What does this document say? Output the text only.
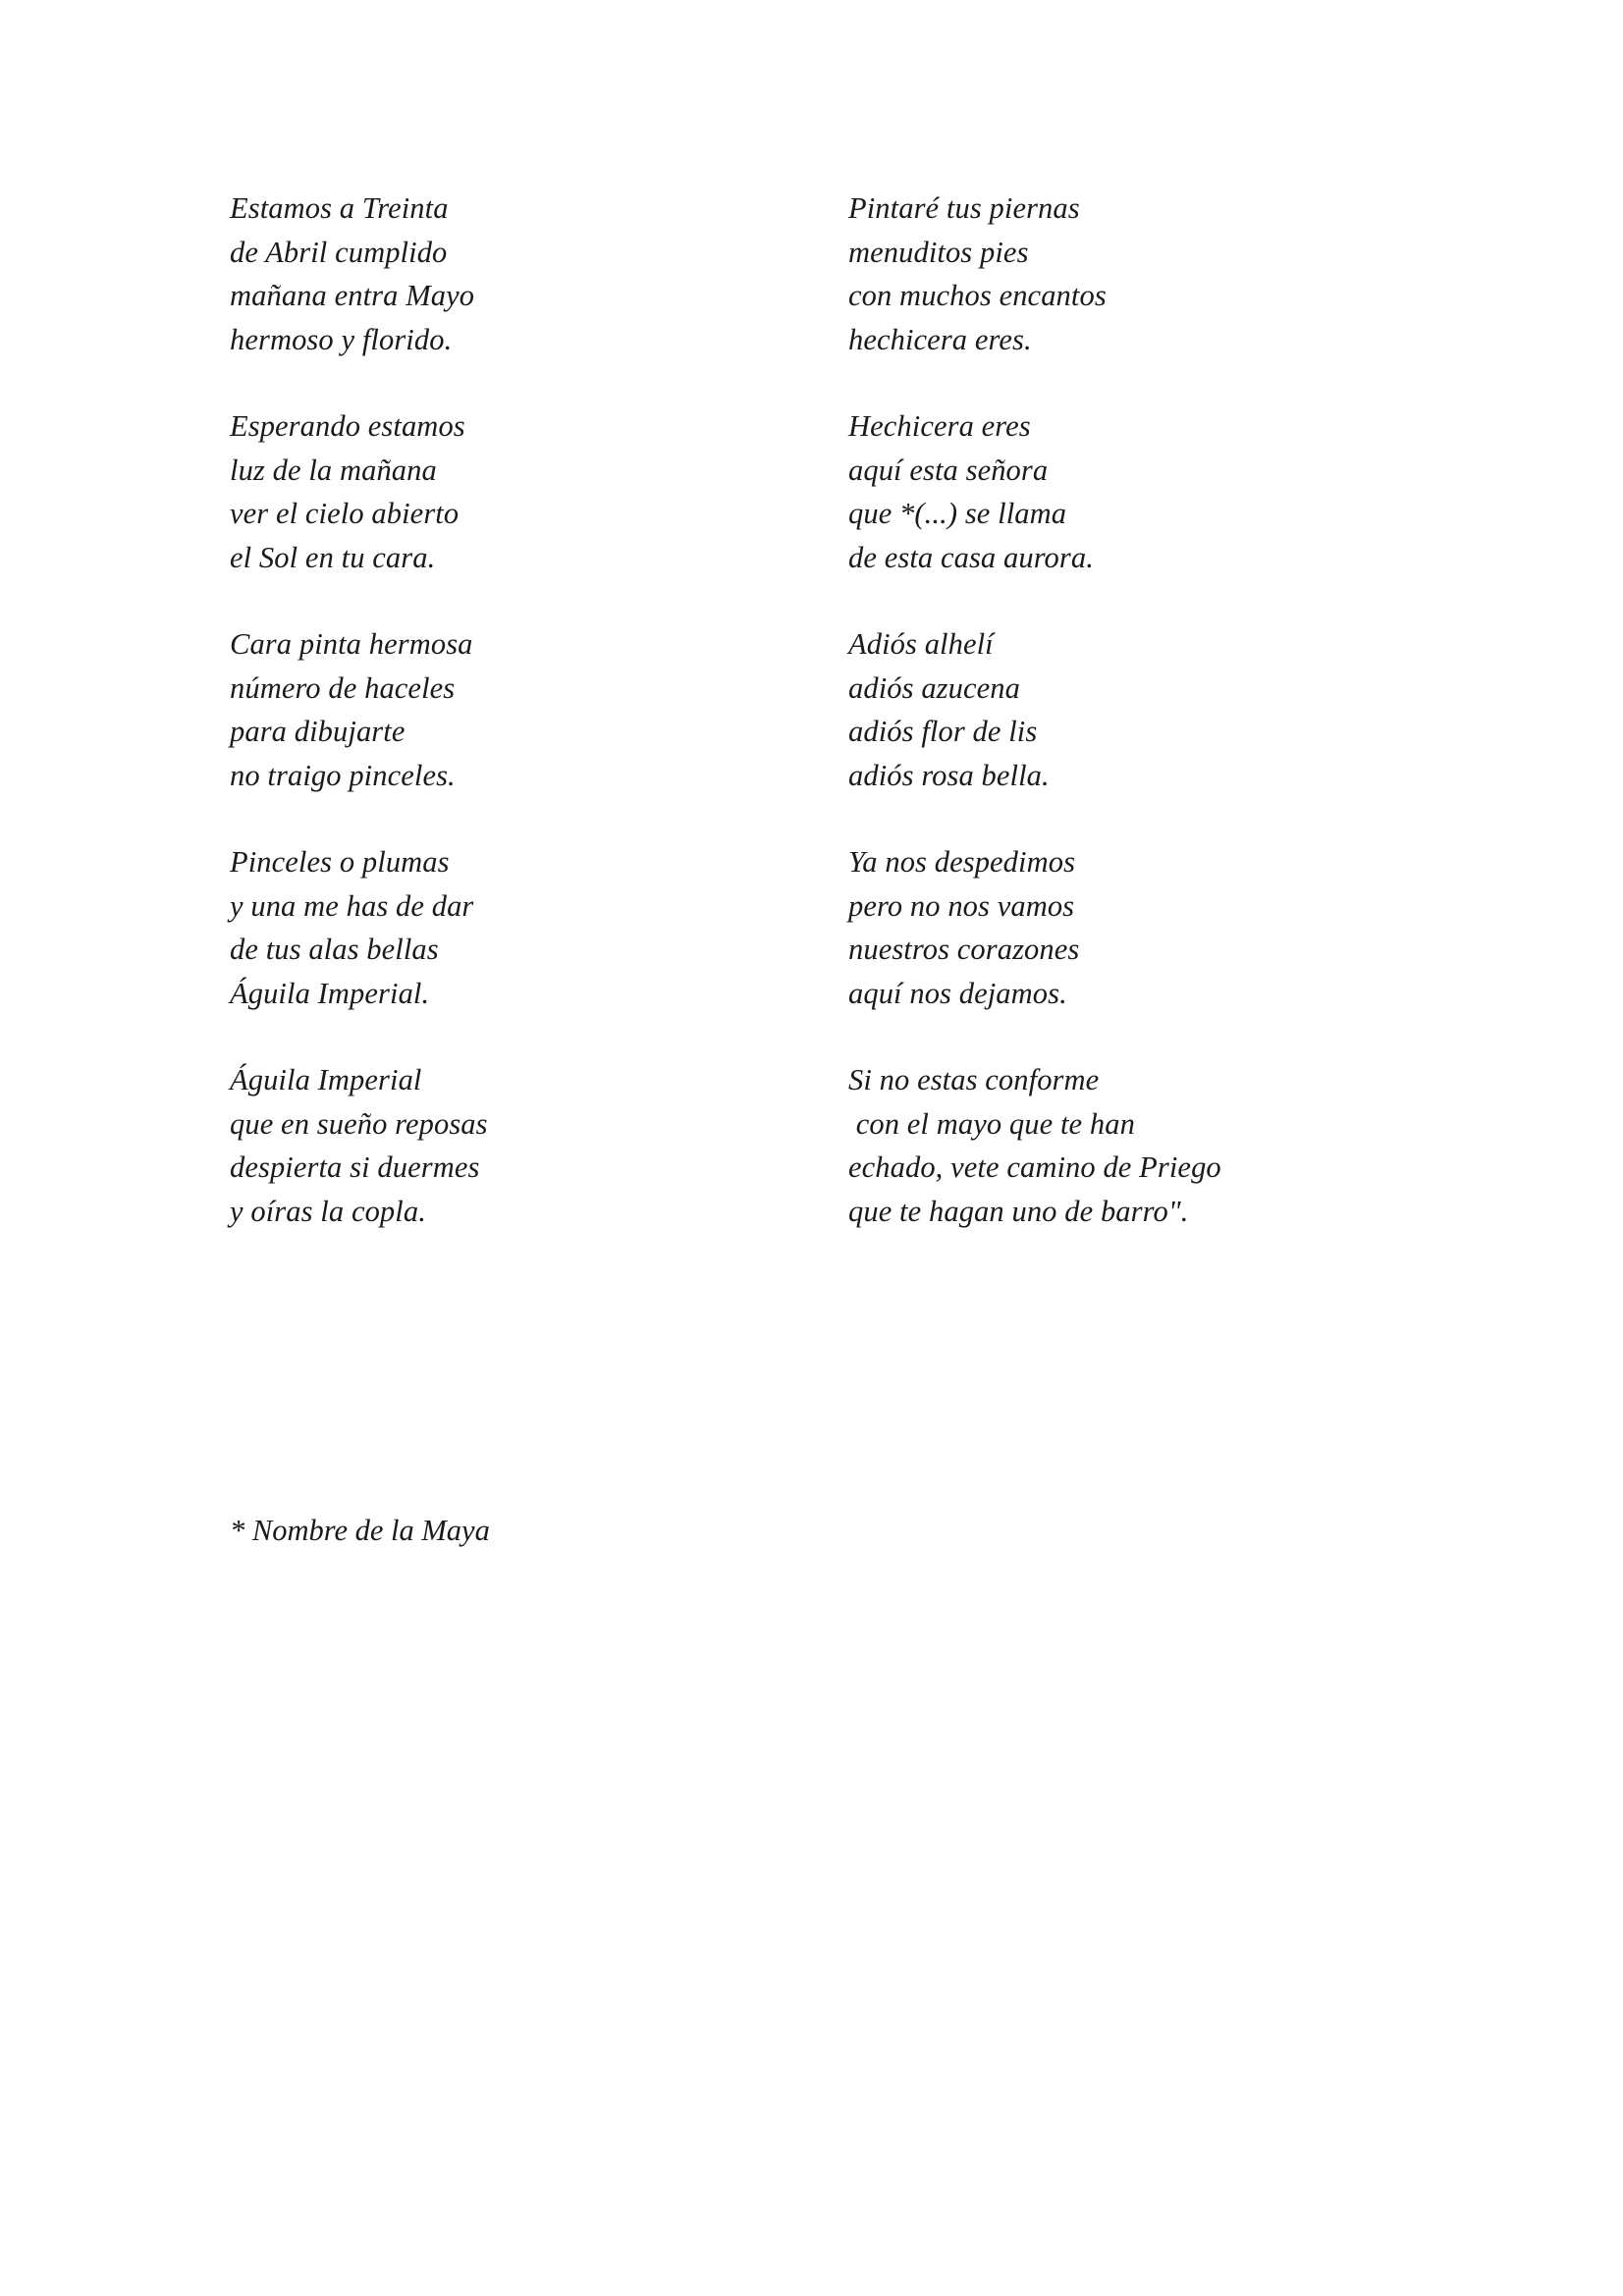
Estamos a Treinta
de Abril cumplido
mañana entra Mayo
hermoso y florido.
Esperando estamos
luz de la mañana
ver el cielo abierto
el Sol en tu cara.
Cara pinta hermosa
número de haceles
para dibujarte
no traigo pinceles.
Pinceles o plumas
y una me has de dar
de tus alas bellas
Águila Imperial.
Águila Imperial
que en sueño reposas
despierta si duermes
y oíras la copla.
Pintaré tus piernas
menuditos pies
con muchos encantos
hechicera eres.
Hechicera eres
aquí esta señora
que *(...) se llama
de esta casa aurora.
Adiós alhelí
adiós azucena
adiós flor de lis
adiós rosa bella.
Ya nos despedimos
pero no nos vamos
nuestros corazones
aquí nos dejamos.
Si no estas conforme
con el mayo que te han
echado, vete camino de Priego
que te hagan uno de barro".
* Nombre de la Maya
